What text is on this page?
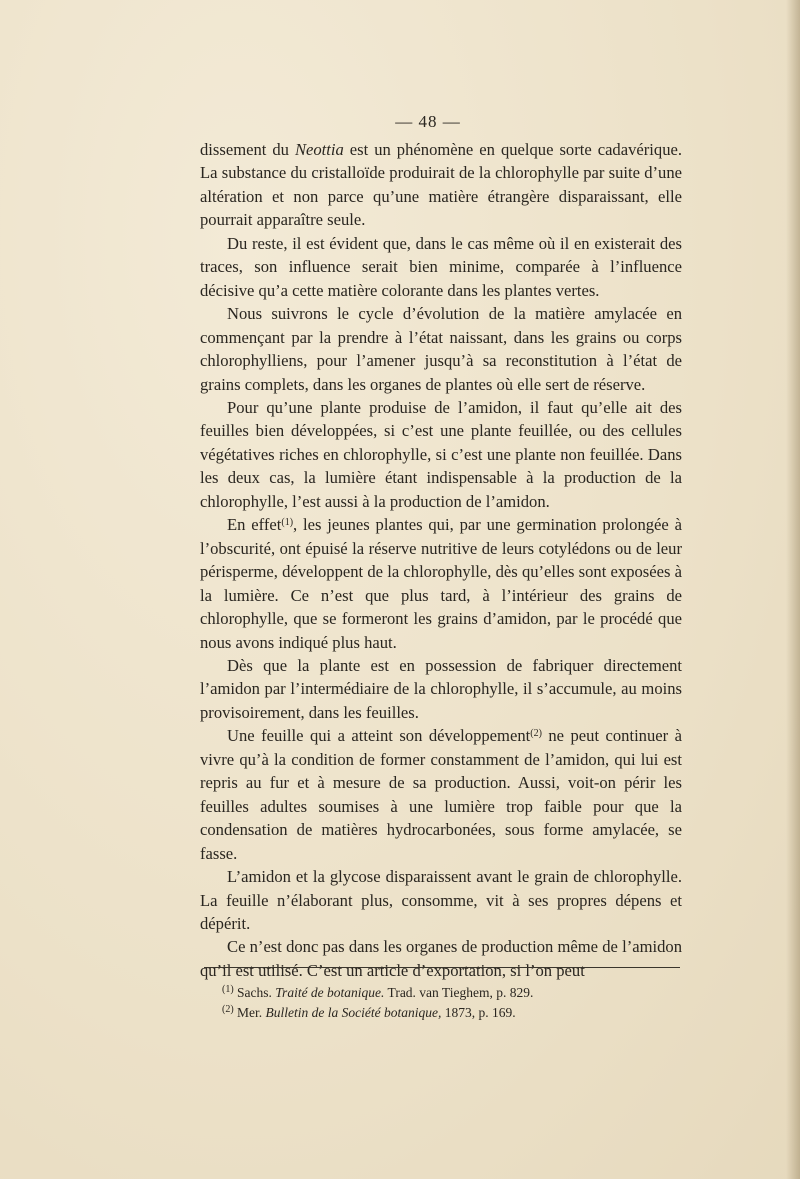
— 48 —

dissement du Neottia est un phénomène en quelque sorte cadavérique. La substance du cristalloïde produirait de la chlorophylle par suite d’une altération et non parce qu’une matière étrangère disparaissant, elle pourrait apparaître seule.

Du reste, il est évident que, dans le cas même où il en existerait des traces, son influence serait bien minime, comparée à l’influence décisive qu’a cette matière colorante dans les plantes vertes.

Nous suivrons le cycle d’évolution de la matière amylacée en commençant par la prendre à l’état naissant, dans les grains ou corps chlorophylliens, pour l’amener jusqu’à sa reconstitution à l’état de grains complets, dans les organes de plantes où elle sert de réserve.

Pour qu’une plante produise de l’amidon, il faut qu’elle ait des feuilles bien développées, si c’est une plante feuillée, ou des cellules végétatives riches en chlorophylle, si c’est une plante non feuillée. Dans les deux cas, la lumière étant indispensable à la production de la chlorophylle, l’est aussi à la production de l’amidon.

En effet$^{(1)}$, les jeunes plantes qui, par une germination prolongée à l’obscurité, ont épuisé la réserve nutritive de leurs cotylédons ou de leur périsperme, développent de la chlorophylle, dès qu’elles sont exposées à la lumière. Ce n’est que plus tard, à l’intérieur des grains de chlorophylle, que se formeront les grains d’amidon, par le procédé que nous avons indiqué plus haut.

Dès que la plante est en possession de fabriquer directement l’amidon par l’intermédiaire de la chlorophylle, il s’accumule, au moins provisoirement, dans les feuilles.

Une feuille qui a atteint son développement$^{(2)}$ ne peut continuer à vivre qu’à la condition de former constamment de l’amidon, qui lui est repris au fur et à mesure de sa production. Aussi, voit-on périr les feuilles adultes soumises à une lumière trop faible pour que la condensation de matières hydrocarbonées, sous forme amylacée, se fasse.

L’amidon et la glycose disparaissent avant le grain de chlorophylle. La feuille n’élaborant plus, consomme, vit à ses propres dépens et dépérit.

Ce n’est donc pas dans les organes de production même de l’amidon qu’il est utilisé. C’est un article d’exportation, si l’on peut

$^{(1)}$ Sachs. Traité de botanique. Trad. van Tieghem, p. 829.

$^{(2)}$ Mer. Bulletin de la Société botanique, 1873, p. 169.
